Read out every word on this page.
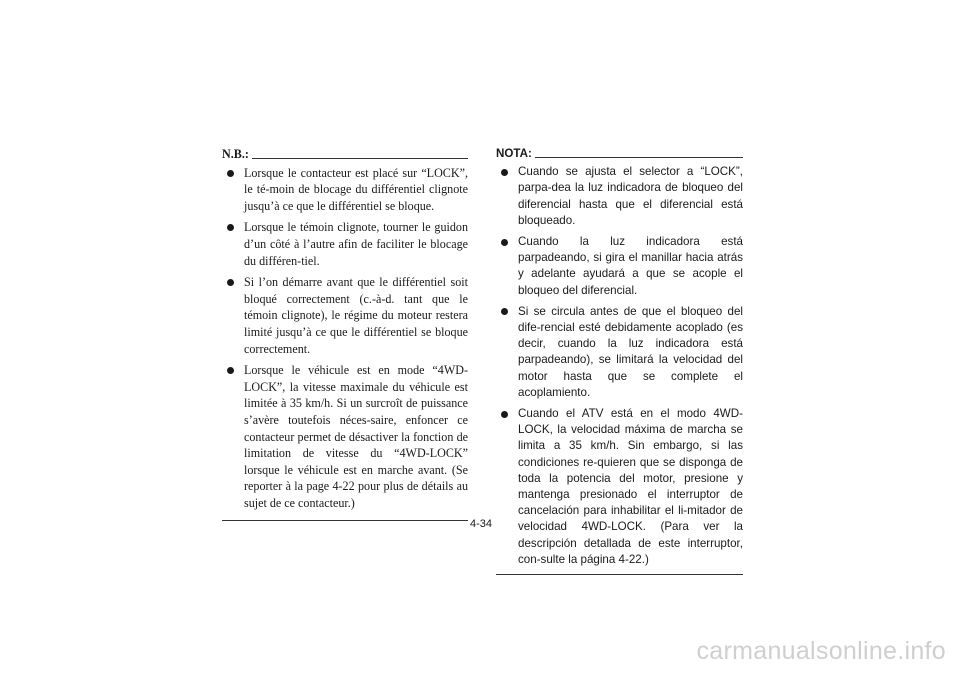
N.B.:
Lorsque le contacteur est placé sur “LOCK”, le té-moin de blocage du différentiel clignote jusqu’à ce que le différentiel se bloque.
Lorsque le témoin clignote, tourner le guidon d’un côté à l’autre afin de faciliter le blocage du différen-tiel.
Si l’on démarre avant que le différentiel soit bloqué correctement (c.-à-d. tant que le témoin clignote), le régime du moteur restera limité jusqu’à ce que le différentiel se bloque correctement.
Lorsque le véhicule est en mode “4WD-LOCK”, la vitesse maximale du véhicule est limitée à 35 km/h. Si un surcroît de puissance s’avère toutefois néces-saire, enfoncer ce contacteur permet de désactiver la fonction de limitation de vitesse du “4WD-LOCK” lorsque le véhicule est en marche avant. (Se reporter à la page 4-22 pour plus de détails au sujet de ce contacteur.)
NOTA:
Cuando se ajusta el selector a “LOCK”, parpa-dea la luz indicadora de bloqueo del diferencial hasta que el diferencial está bloqueado.
Cuando la luz indicadora está parpadeando, si gira el manillar hacia atrás y adelante ayudará a que se acople el bloqueo del diferencial.
Si se circula antes de que el bloqueo del dife-rencial esté debidamente acoplado (es decir, cuando la luz indicadora está parpadeando), se limitará la velocidad del motor hasta que se complete el acoplamiento.
Cuando el ATV está en el modo 4WD-LOCK, la velocidad máxima de marcha se limita a 35 km/h. Sin embargo, si las condiciones re-quieren que se disponga de toda la potencia del motor, presione y mantenga presionado el interruptor de cancelación para inhabilitar el li-mitador de velocidad 4WD-LOCK. (Para ver la descripción detallada de este interruptor, con-sulte la página 4-22.)
4-34
carmanualsonline.info
